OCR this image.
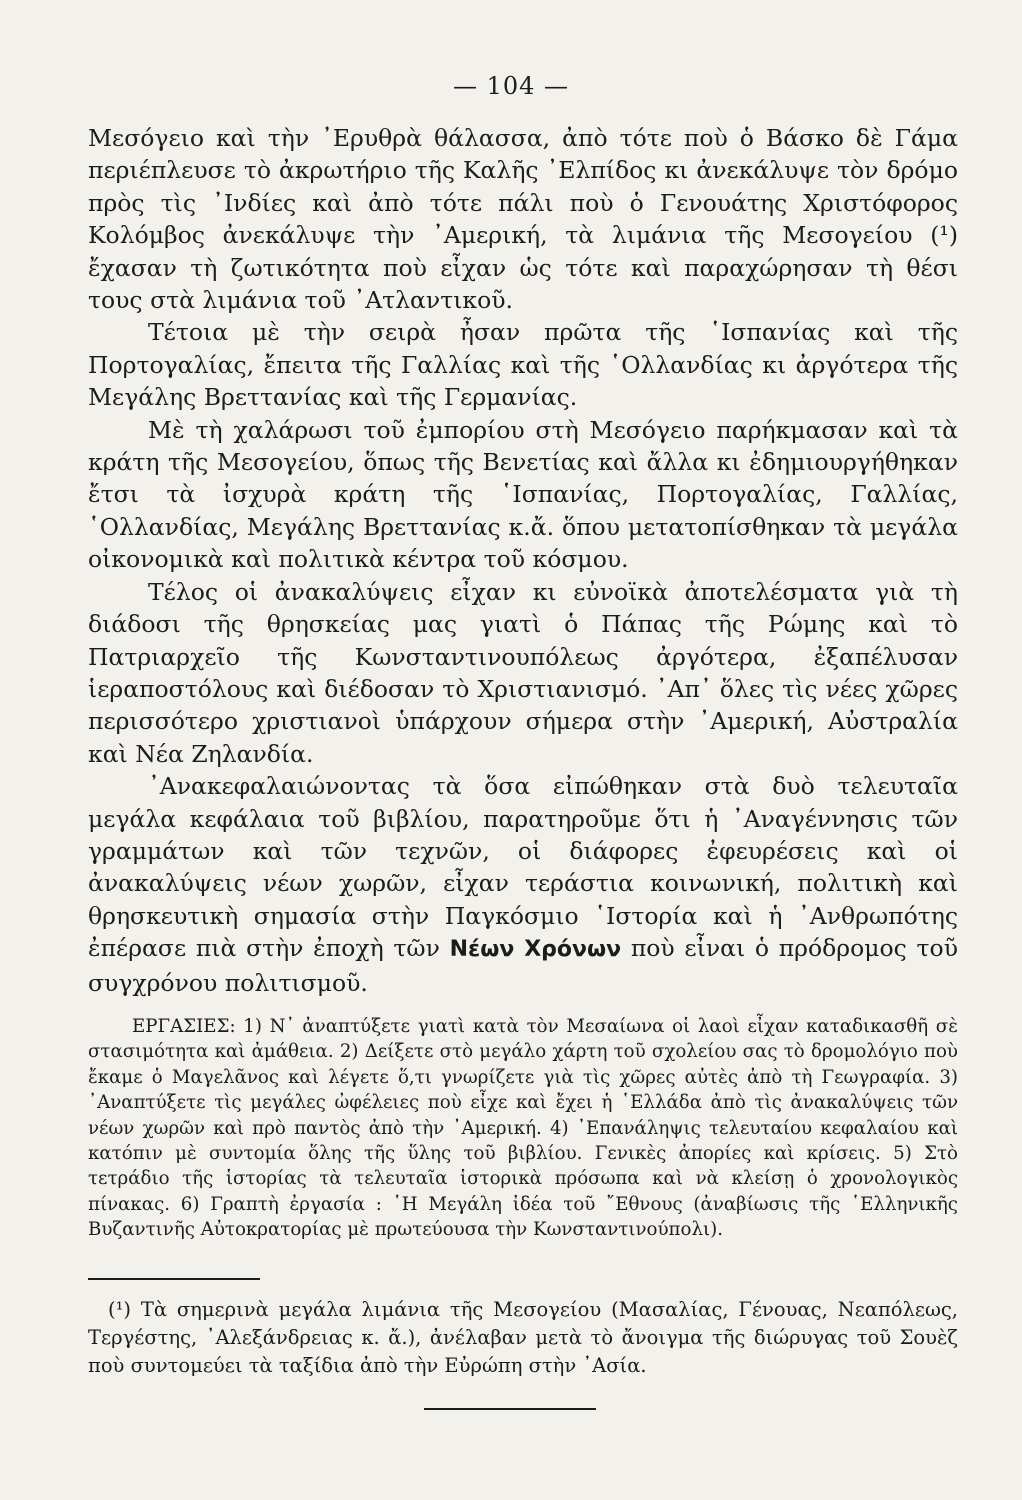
— 104 —

Μεσόγειο καὶ τὴν ᾿Ερυθρὰ θάλασσα, ἀπὸ τότε ποὺ ὁ Βάσκο δὲ Γάμα περιέπλευσε τὸ ἀκρωτήριο τῆς Καλῆς ᾿Ελπίδος κι ἀνεκάλυψε τὸν δρόμο πρὸς τὶς ᾿Ινδίες καὶ ἀπὸ τότε πάλι ποὺ ὁ Γενουάτης Χριστόφορος Κολόμβος ἀνεκάλυψε τὴν ᾿Αμερική, τὰ λιμάνια τῆς Μεσογείου (¹) ἔχασαν τὴ ζωτικότητα ποὺ εἶχαν ὡς τότε καὶ παραχώρησαν τὴ θέσι τους στὰ λιμάνια τοῦ ᾿Ατλαντικοῦ.

Τέτοια μὲ τὴν σειρὰ ἦσαν πρῶτα τῆς ῾Ισπανίας καὶ τῆς Πορτογαλίας, ἔπειτα τῆς Γαλλίας καὶ τῆς ῾Ολλανδίας κι ἀργότερα τῆς Μεγάλης Βρεττανίας καὶ τῆς Γερμανίας.

Μὲ τὴ χαλάρωσι τοῦ ἐμπορίου στὴ Μεσόγειο παρήκμασαν καὶ τὰ κράτη τῆς Μεσογείου, ὅπως τῆς Βενετίας καὶ ἄλλα κι ἐδημιουργήθηκαν ἔτσι τὰ ἰσχυρὰ κράτη τῆς ῾Ισπανίας, Πορτογαλίας, Γαλλίας, ῾Ολλανδίας, Μεγάλης Βρεττανίας κ.ἄ. ὅπου μετατοπίσθηκαν τὰ μεγάλα οἰκονομικὰ καὶ πολιτικὰ κέντρα τοῦ κόσμου.

Τέλος οἱ ἀνακαλύψεις εἶχαν κι εὐνοϊκὰ ἀποτελέσματα γιὰ τὴ διάδοσι τῆς θρησκείας μας γιατὶ ὁ Πάπας τῆς Ρώμης καὶ τὸ Πατριαρχεῖο τῆς Κωνσταντινουπόλεως ἀργότερα, ἐξαπέλυσαν ἱεραποστόλους καὶ διέδοσαν τὸ Χριστιανισμό. ᾿Απ᾿ ὅλες τὶς νέες χῶρες περισσότερο χριστιανοὶ ὑπάρχουν σήμερα στὴν ᾿Αμερική, Αὐστραλία καὶ Νέα Ζηλανδία.

᾿Ανακεφαλαιώνοντας τὰ ὅσα εἰπώθηκαν στὰ δυὸ τελευταῖα μεγάλα κεφάλαια τοῦ βιβλίου, παρατηροῦμε ὅτι ἡ ᾿Αναγέννησις τῶν γραμμάτων καὶ τῶν τεχνῶν, οἱ διάφορες ἐφευρέσεις καὶ οἱ ἀνακαλύψεις νέων χωρῶν, εἶχαν τεράστια κοινωνική, πολιτικὴ καὶ θρησκευτικὴ σημασία στὴν Παγκόσμιο ῾Ιστορία καὶ ἡ ᾿Ανθρωπότης ἐπέρασε πιὰ στὴν ἐποχὴ τῶν Νέων Χρόνων ποὺ εἶναι ὁ πρόδρομος τοῦ συγχρόνου πολιτισμοῦ.

ΕΡΓΑΣΙΕΣ: 1) Ν᾿ ἀναπτύξετε γιατὶ κατὰ τὸν Μεσαίωνα οἱ λαοὶ εἶχαν καταδικασθῆ σὲ στασιμότητα καὶ ἀμάθεια. 2) Δείξετε στὸ μεγάλο χάρτη τοῦ σχολείου σας τὸ δρομολόγιο ποὺ ἔκαμε ὁ Μαγελᾶνος καὶ λέγετε ὅ,τι γνωρίζετε γιὰ τὶς χῶρες αὐτὲς ἀπὸ τὴ Γεωγραφία. 3) ᾿Αναπτύξετε τὶς μεγάλες ὠφέλειες ποὺ εἶχε καὶ ἔχει ἡ ῾Ελλάδα ἀπὸ τὶς ἀνακαλύψεις τῶν νέων χωρῶν καὶ πρὸ παντὸς ἀπὸ τὴν ᾿Αμερική. 4) ᾿Επανάληψις τελευταίου κεφαλαίου καὶ κατόπιν μὲ συντομία ὅλης τῆς ὕλης τοῦ βιβλίου. Γενικὲς ἀπορίες καὶ κρίσεις. 5) Στὸ τετράδιο τῆς ἱστορίας τὰ τελευταῖα ἱστορικὰ πρόσωπα καὶ νὰ κλείσῃ ὁ χρονολογικὸς πίνακας. 6) Γραπτὴ ἐργασία : ῾Η Μεγάλη ἰδέα τοῦ ῎Εθνους (ἀναβίωσις τῆς ῾Ελληνικῆς Βυζαντινῆς Αὐτοκρατορίας μὲ πρωτεύουσα τὴν Κωνσταντινούπολι).

(¹) Τὰ σημερινὰ μεγάλα λιμάνια τῆς Μεσογείου (Μασαλίας, Γένουας, Νεαπόλεως, Τεργέστης, ᾿Αλεξάνδρειας κ. ἄ.), ἀνέλαβαν μετὰ τὸ ἄνοιγμα τῆς διώρυγας τοῦ Σουὲζ ποὺ συντομεύει τὰ ταξίδια ἀπὸ τὴν Εὐρώπη στὴν ᾿Ασία.
